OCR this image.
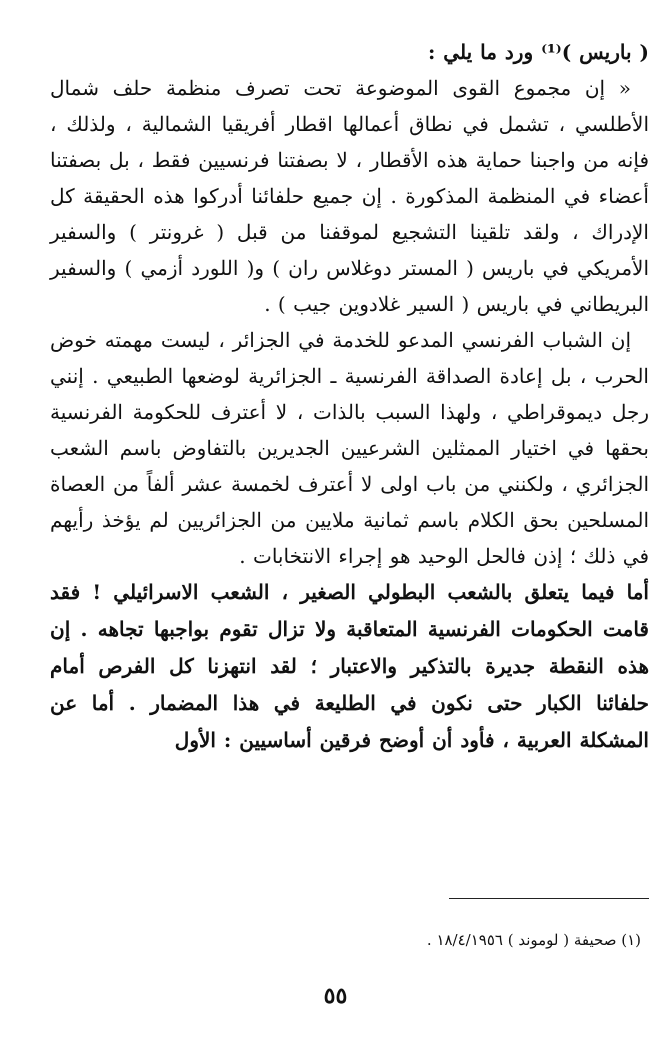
( باريس )⁽¹⁾ ورد ما يلي :

« إن مجموع القوى الموضوعة تحت تصرف منظمة حلف شمال الأطلسي ، تشمل في نطاق أعمالها اقطار أفريقيا الشمالية ، ولذلك ، فإنه من واجبنا حماية هذه الأقطار ، لا بصفتنا فرنسيين فقط ، بل بصفتنا أعضاء في المنظمة المذكورة . إن جميع حلفائنا أدركوا هذه الحقيقة كل الإدراك ، ولقد تلقينا التشجيع لموقفنا من قبل ( غرونتر ) والسفير الأمريكي في باريس ( المستر دوغلاس ران ) و( اللورد أزمي ) والسفير البريطاني في باريس ( السير غلادوين جيب ) .

إن الشباب الفرنسي المدعو للخدمة في الجزائر ، ليست مهمته خوض الحرب ، بل إعادة الصداقة الفرنسية ـ الجزائرية لوضعها الطبيعي . إنني رجل ديموقراطي ، ولهذا السبب بالذات ، لا أعترف للحكومة الفرنسية بحقها في اختيار الممثلين الشرعيين الجديرين بالتفاوض باسم الشعب الجزائري ، ولكنني من باب اولى لا أعترف لخمسة عشر ألفاً من العصاة المسلحين بحق الكلام باسم ثمانية ملايين من الجزائريين لم يؤخذ رأيهم في ذلك ؛ إذن فالحل الوحيد هو إجراء الانتخابات .

أما فيما يتعلق بالشعب البطولي الصغير ، الشعب الاسرائيلي ! فقد قامت الحكومات الفرنسية المتعاقبة ولا تزال تقوم بواجبها تجاهه . إن هذه النقطة جديرة بالتذكير والاعتبار ؛ لقد انتهزنا كل الفرص أمام حلفائنا الكبار حتى نكون في الطليعة في هذا المضمار . أما عن المشكلة العربية ، فأود أن أوضح فرقين أساسيين : الأول

(١) صحيفة ( لوموند ) ١٨/٤/١٩٥٦ .
٥٥
